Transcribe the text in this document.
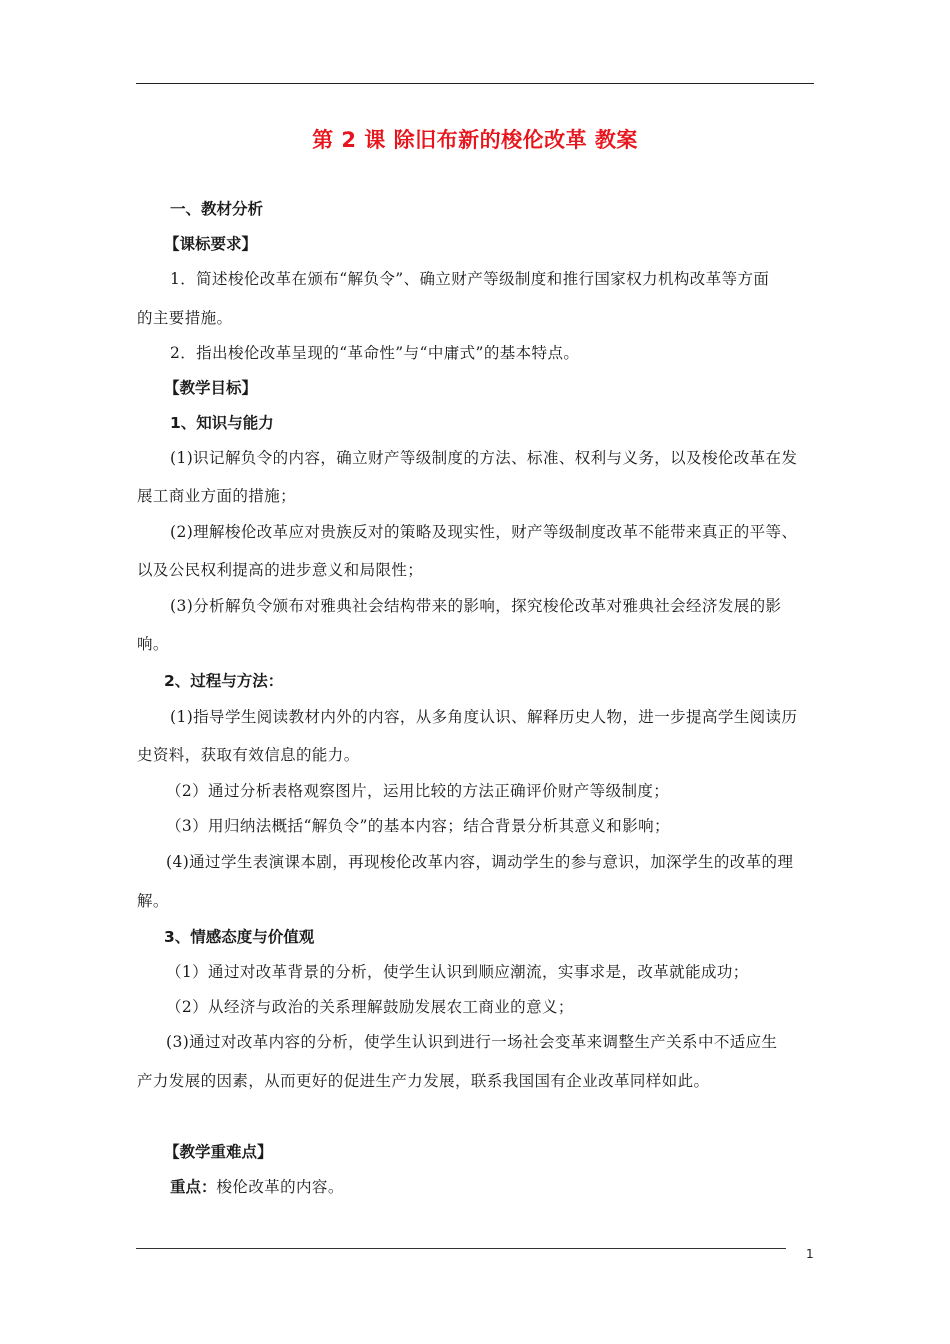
第 2 课 除旧布新的梭伦改革 教案
一、教材分析
【课标要求】
1．简述梭伦改革在颁布“解负令”、确立财产等级制度和推行国家权力机构改革等方面
的主要措施。
2．指出梭伦改革呈现的“革命性”与“中庸式”的基本特点。
【教学目标】
1、知识与能力
(1)识记解负令的内容，确立财产等级制度的方法、标准、权利与义务，以及梭伦改革在发
展工商业方面的措施；
(2)理解梭伦改革应对贵族反对的策略及现实性，财产等级制度改革不能带来真正的平等、
以及公民权利提高的进步意义和局限性；
(3)分析解负令颁布对雅典社会结构带来的影响，探究梭伦改革对雅典社会经济发展的影
响。
2、过程与方法：
(1)指导学生阅读教材内外的内容，从多角度认识、解释历史人物，进一步提高学生阅读历
史资料，获取有效信息的能力。
（2）通过分析表格观察图片，运用比较的方法正确评价财产等级制度；
（3）用归纳法概括“解负令”的基本内容；结合背景分析其意义和影响；
(4)通过学生表演课本剧，再现梭伦改革内容，调动学生的参与意识，加深学生的改革的理
解。
3、情感态度与价值观
（1）通过对改革背景的分析，使学生认识到顺应潮流，实事求是，改革就能成功；
（2）从经济与政治的关系理解鼓励发展农工商业的意义；
(3)通过对改革内容的分析，使学生认识到进行一场社会变革来调整生产关系中不适应生
产力发展的因素，从而更好的促进生产力发展，联系我国国有企业改革同样如此。
【教学重难点】
重点：梭伦改革的内容。
1
